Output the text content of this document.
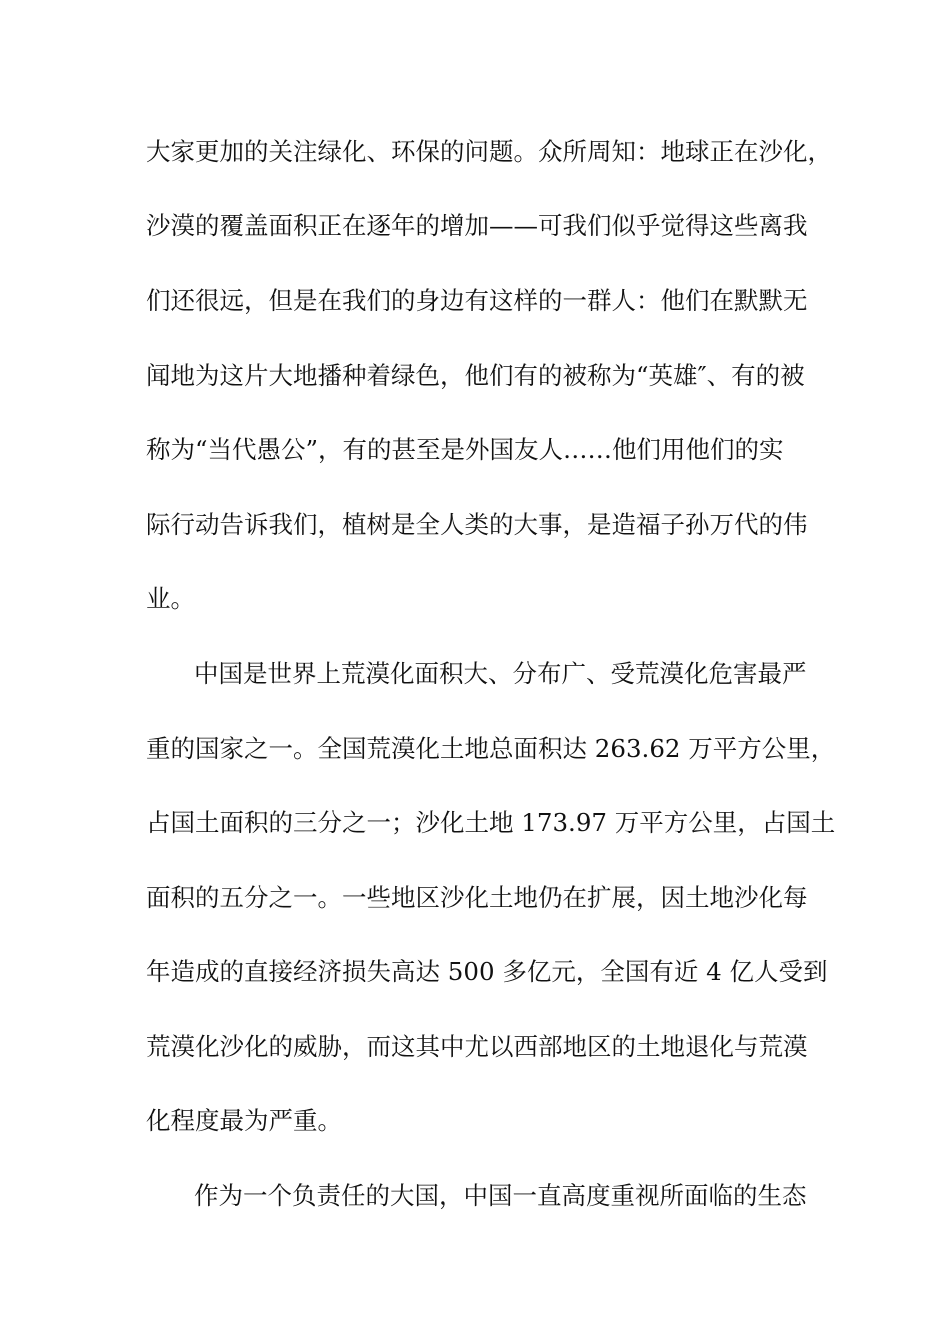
大家更加的关注绿化、环保的问题。众所周知：地球正在沙化，
沙漠的覆盖面积正在逐年的增加——可我们似乎觉得这些离我
们还很远，但是在我们的身边有这样的一群人：他们在默默无
闻地为这片大地播种着绿色，他们有的被称为“英雄″、有的被
称为“当代愚公”，有的甚至是外国友人……他们用他们的实
际行动告诉我们，植树是全人类的大事，是造福子孙万代的伟
业。
中国是世界上荒漠化面积大、分布广、受荒漠化危害最严
重的国家之一。全国荒漠化土地总面积达 263.62 万平方公里，
占国土面积的三分之一；沙化土地 173.97 万平方公里，占国土
面积的五分之一。一些地区沙化土地仍在扩展，因土地沙化每
年造成的直接经济损失高达 500 多亿元，全国有近 4 亿人受到
荒漠化沙化的威胁，而这其中尤以西部地区的土地退化与荒漠
化程度最为严重。
作为一个负责任的大国，中国一直高度重视所面临的生态
